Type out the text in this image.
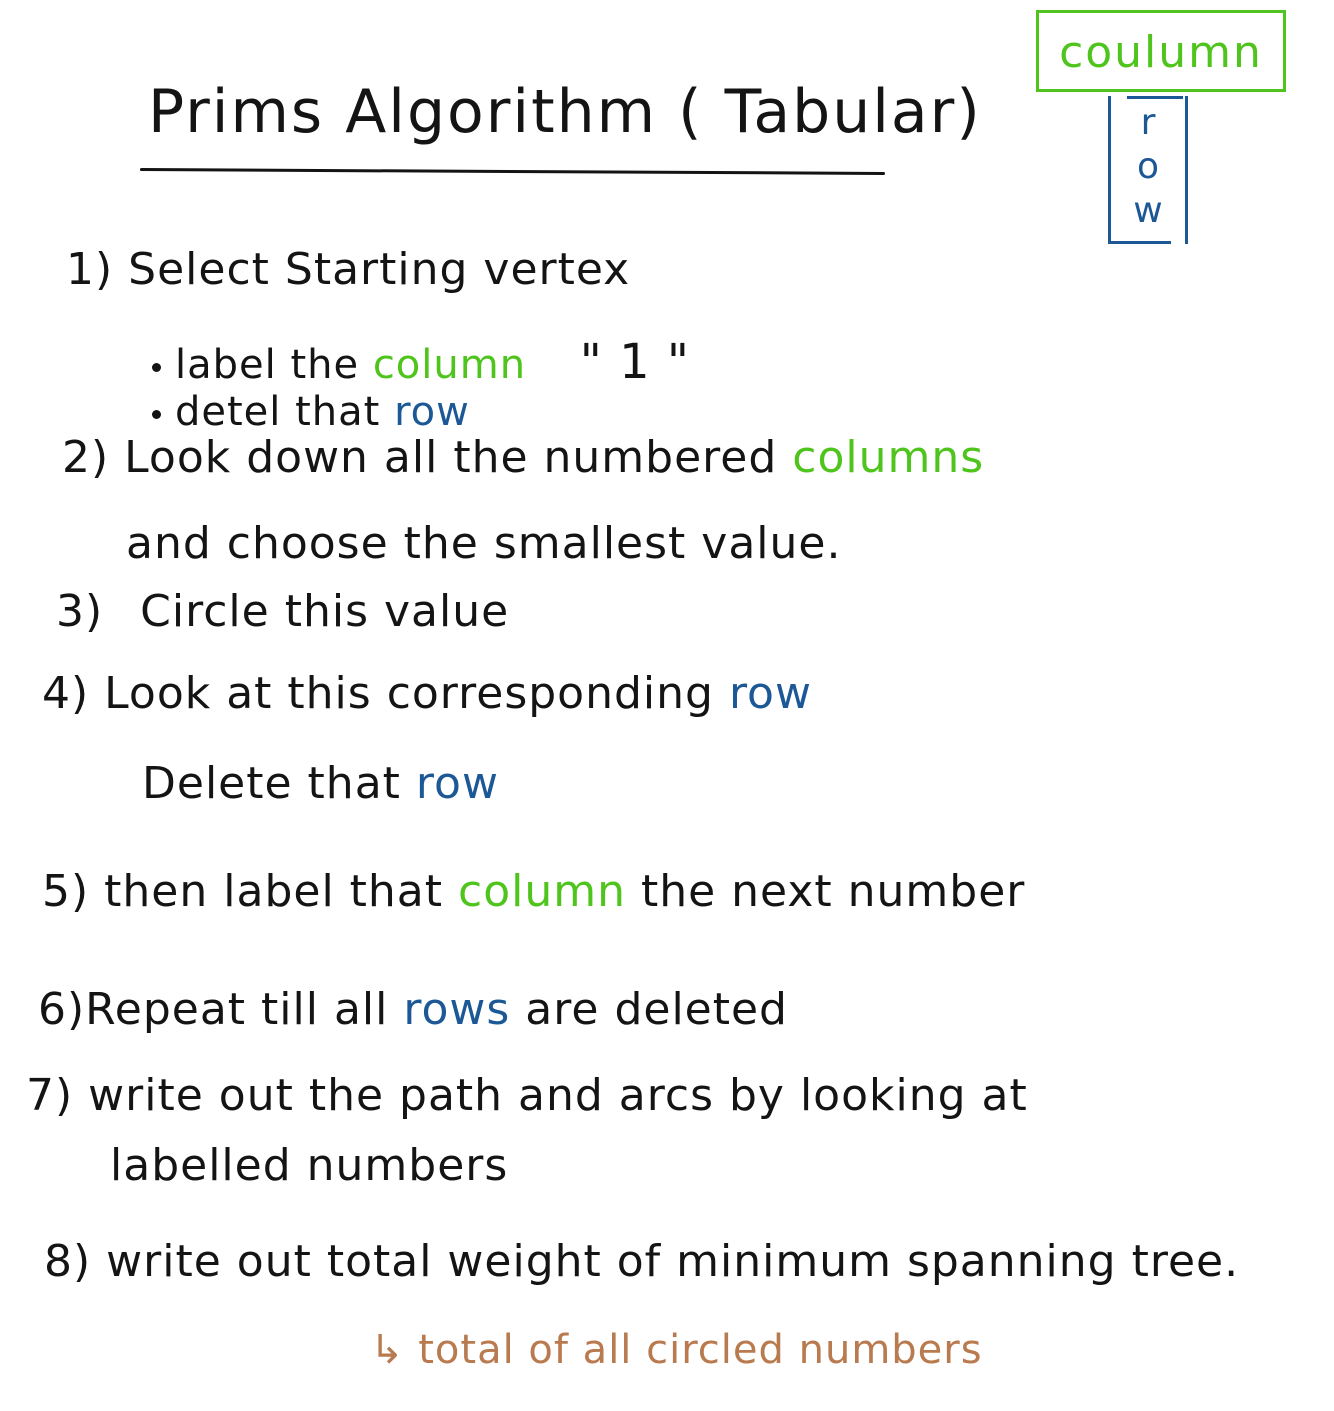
Prims Algorithm ( Tabular)
coulumn
r
o
w
1) Select Starting vertex
label the column " 1 "
detel that row
2) Look down all the numbered columns
and choose the smallest value.
3) Circle this value
4) Look at this corresponding row
Delete that row
5) then label that column the next number
6)Repeat till all rows are deleted
7) write out the path and arcs by looking at
labelled numbers
8) write out total weight of minimum spanning tree.
↳ total of all circled numbers
